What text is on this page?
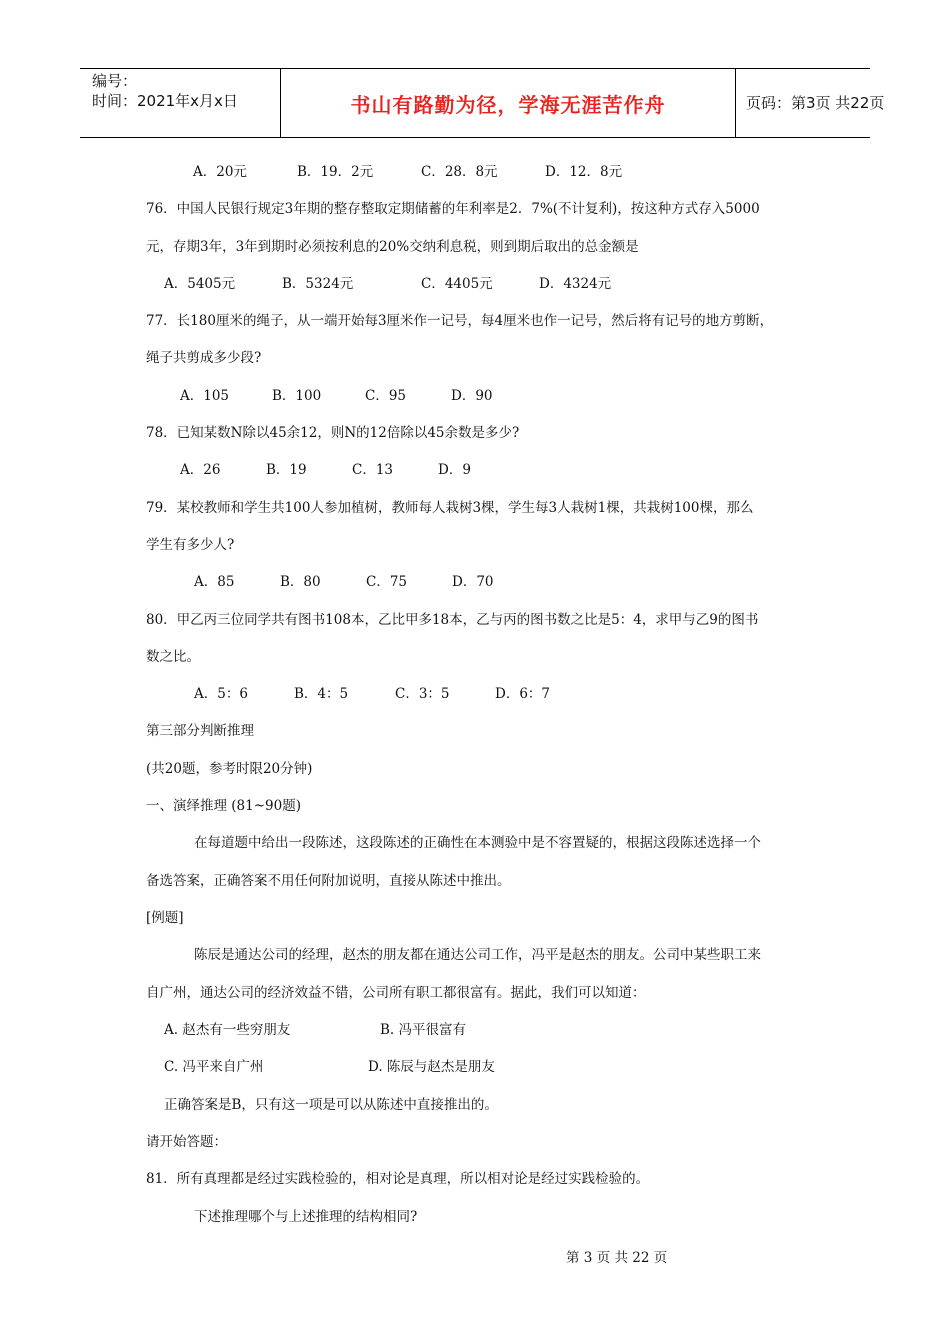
编号：
时间：2021年x月x日	书山有路勤为径，学海无涯苦作舟	页码：第3页 共22页
A．20元	B．19．2元	C．28．8元	D．12．8元
76．中国人民银行规定3年期的整存整取定期储蓄的年利率是2．7%(不计复利)，按这种方式存入5000
元，存期3年，3年到期时必须按利息的20%交纳利息税，则到期后取出的总金额是
A．5405元	B．5324元	C．4405元	D．4324元
77．长180厘米的绳子，从一端开始每3厘米作一记号，每4厘米也作一记号，然后将有记号的地方剪断，
绳子共剪成多少段?
A．105	B．100	C．95	D．90
78．已知某数N除以45余12，则N的12倍除以45余数是多少?
A．26	B．19	C．13	D．9
79．某校教师和学生共100人参加植树，教师每人栽树3棵，学生每3人栽树1棵，共栽树100棵，那么
学生有多少人?
A．85	B．80	C．75	D．70
80．甲乙丙三位同学共有图书108本，乙比甲多18本，乙与丙的图书数之比是5：4，求甲与乙9的图书
数之比。
A．5：6	B．4：5	C．3：5	D．6：7
第三部分判断推理
(共20题，参考时限20分钟)
一、演绎推理 (81~90题)
在每道题中给出一段陈述，这段陈述的正确性在本测验中是不容置疑的，根据这段陈述选择一个
备选答案，正确答案不用任何附加说明，直接从陈述中推出。
[例题]
陈辰是通达公司的经理，赵杰的朋友都在通达公司工作，冯平是赵杰的朋友。公司中某些职工来
自广州，通达公司的经济效益不错，公司所有职工都很富有。据此，我们可以知道：
A. 赵杰有一些穷朋友	B. 冯平很富有
C. 冯平来自广州	D. 陈辰与赵杰是朋友
正确答案是B，只有这一项是可以从陈述中直接推出的。
请开始答题：
81．所有真理都是经过实践检验的，相对论是真理，所以相对论是经过实践检验的。
下述推理哪个与上述推理的结构相同?
第 3 页 共 22 页
